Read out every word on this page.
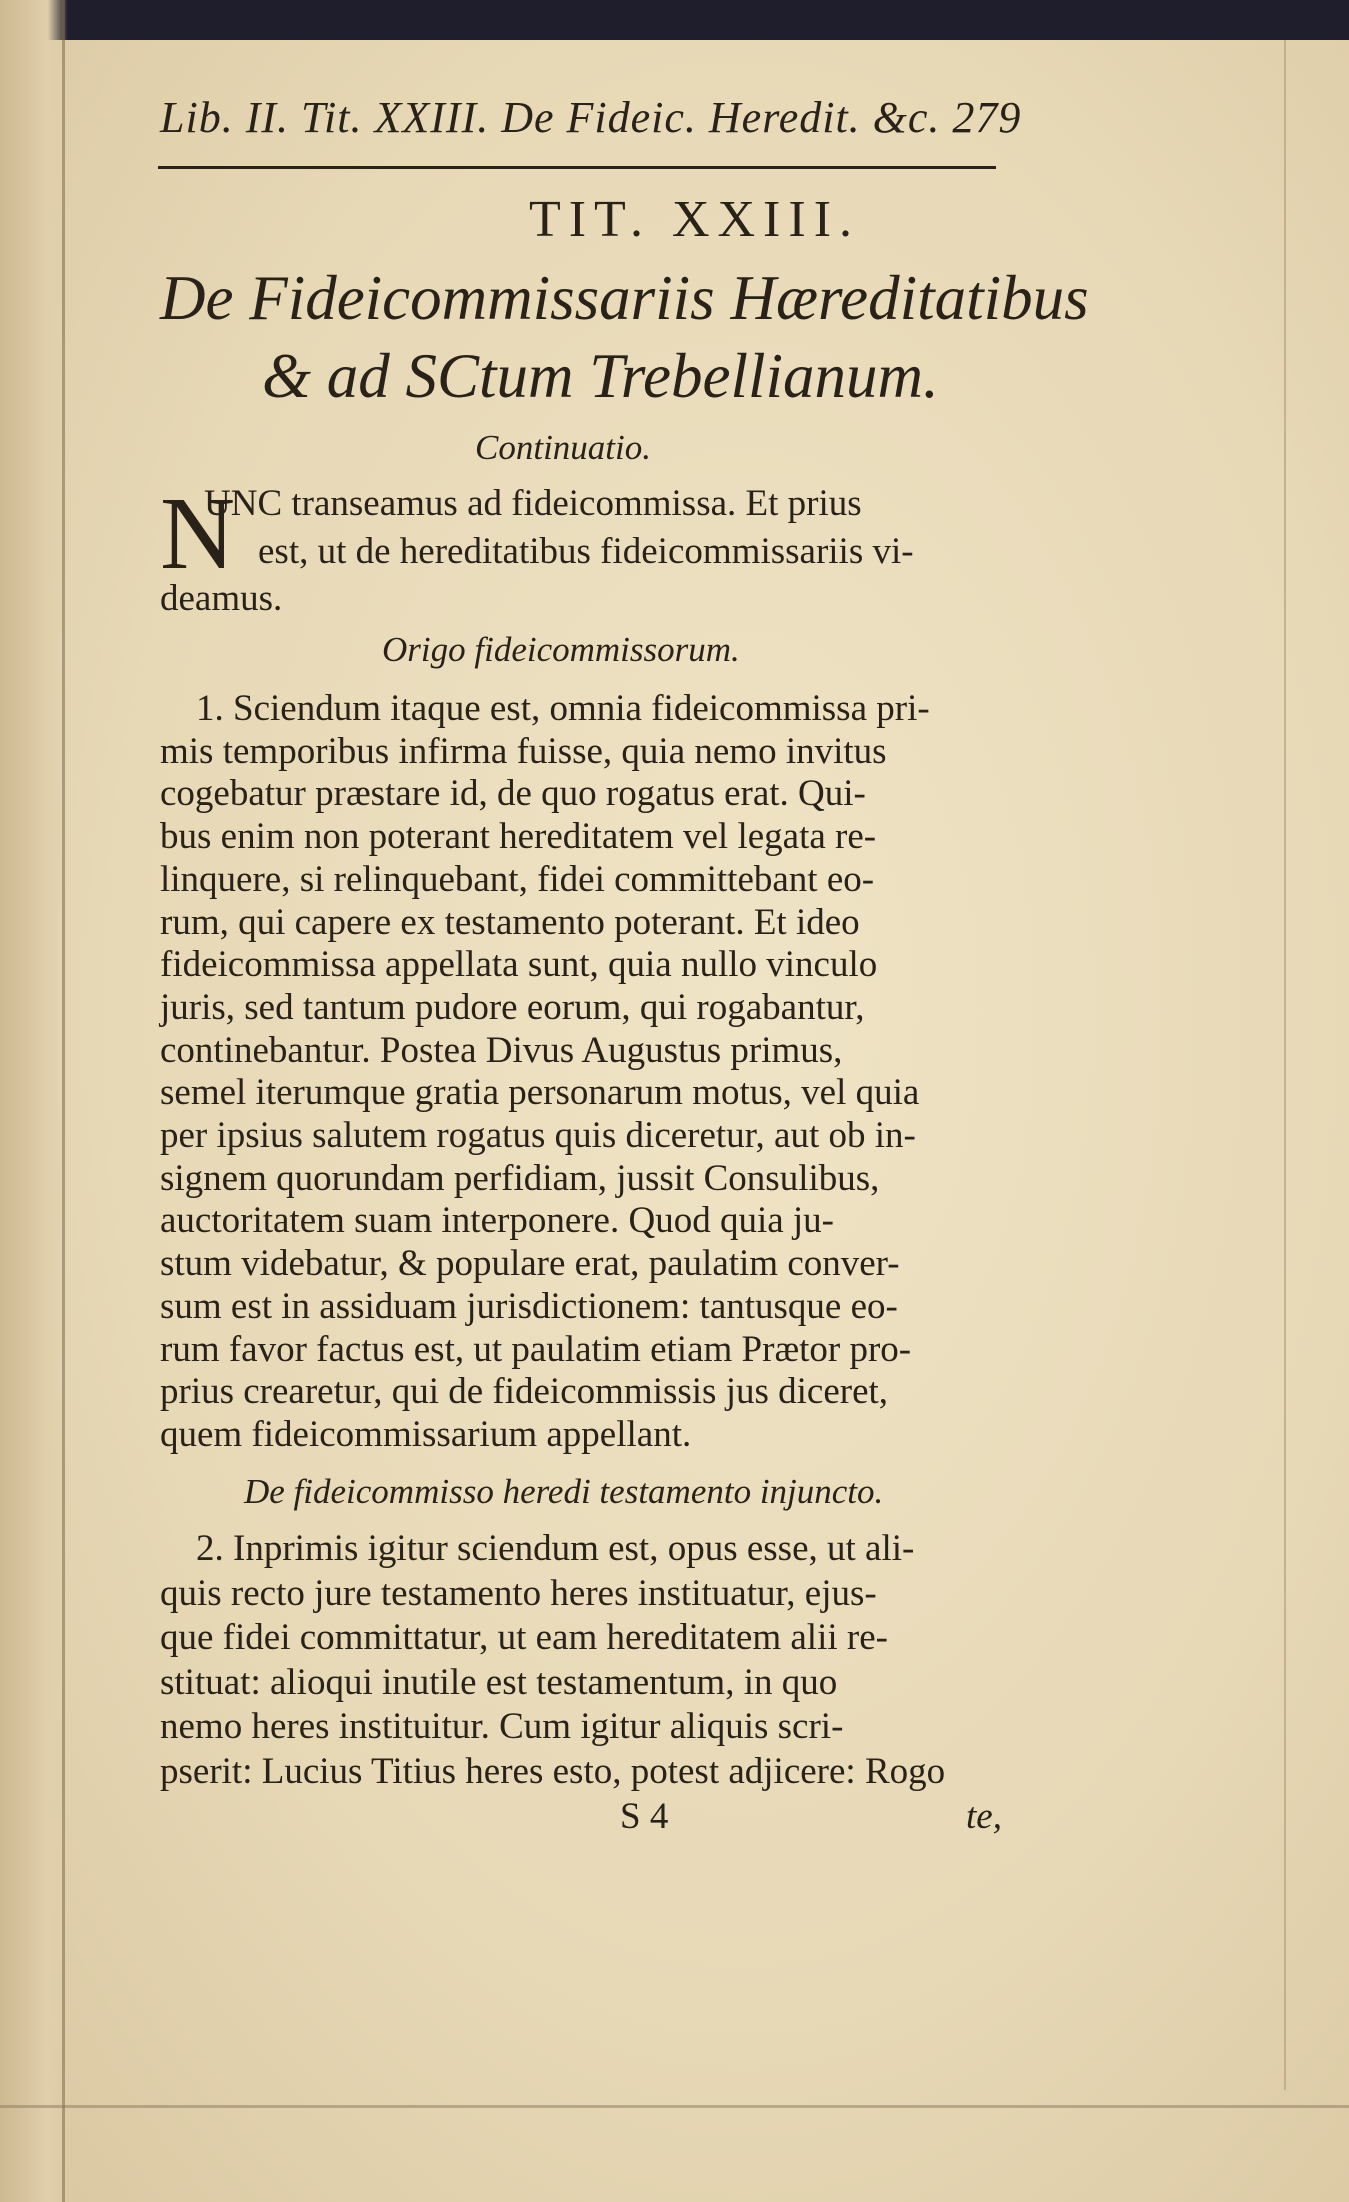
Lib. II. Tit. XXIII. De Fideic. Heredit. &c. 279
TIT. XXIII.
De Fideicommissariis Hæreditatibus
& ad SCtum Trebellianum.
Continuatio.
N
UNC transeamus ad fideicommissa. Et prius
est, ut de hereditatibus fideicommissariis vi-
deamus.
Origo fideicommissorum.
1. Sciendum itaque est, omnia fideicommissa pri-
mis temporibus infirma fuisse, quia nemo invitus
cogebatur præstare id, de quo rogatus erat. Qui-
bus enim non poterant hereditatem vel legata re-
linquere, si relinquebant, fidei committebant eo-
rum, qui capere ex testamento poterant. Et ideo
fideicommissa appellata sunt, quia nullo vinculo
juris, sed tantum pudore eorum, qui rogabantur,
continebantur. Postea Divus Augustus primus,
semel iterumque gratia personarum motus, vel quia
per ipsius salutem rogatus quis diceretur, aut ob in-
signem quorundam perfidiam, jussit Consulibus,
auctoritatem suam interponere. Quod quia ju-
stum videbatur, & populare erat, paulatim conver-
sum est in assiduam jurisdictionem: tantusque eo-
rum favor factus est, ut paulatim etiam Prætor pro-
prius crearetur, qui de fideicommissis jus diceret,
quem fideicommissarium appellant.
De fideicommisso heredi testamento injuncto.
2. Inprimis igitur sciendum est, opus esse, ut ali-
quis recto jure testamento heres instituatur, ejus-
que fidei committatur, ut eam hereditatem alii re-
stituat: alioqui inutile est testamentum, in quo
nemo heres instituitur. Cum igitur aliquis scri-
pserit: Lucius Titius heres esto, potest adjicere: Rogo
S 4	te,
